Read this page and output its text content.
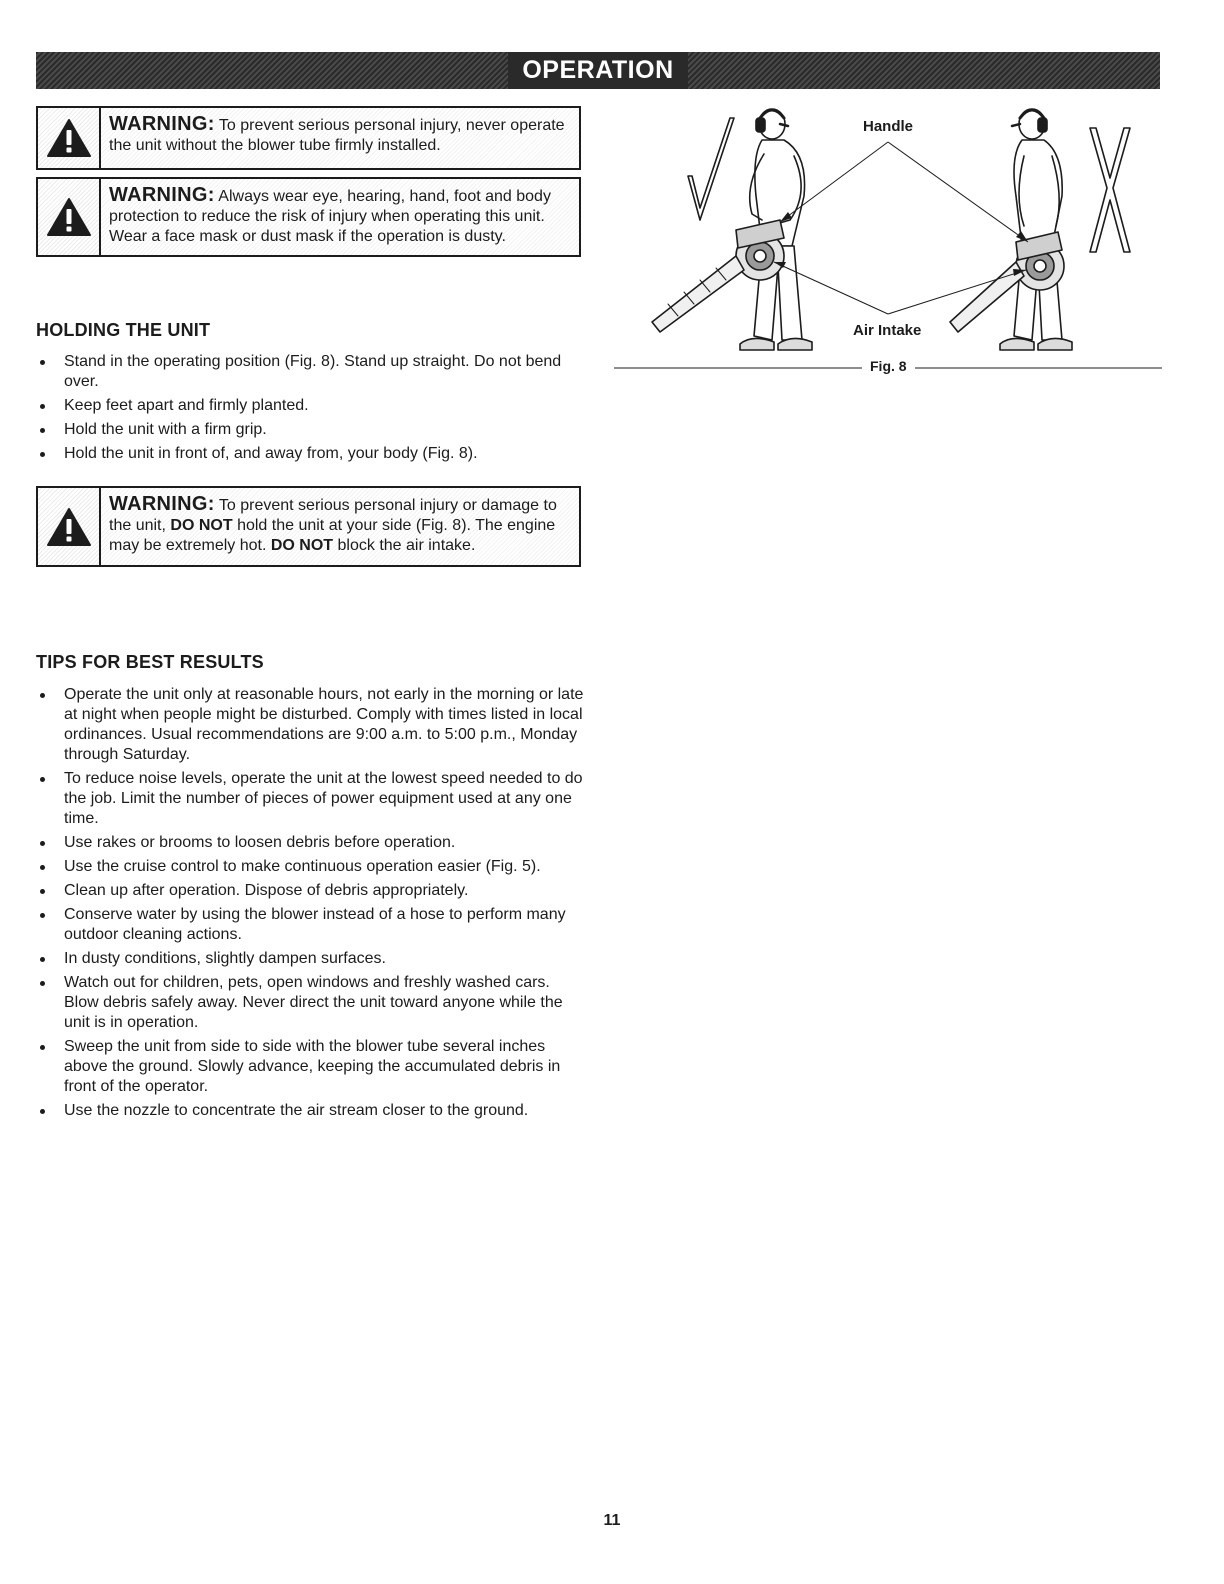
OPERATION
WARNING: To prevent serious personal injury, never operate the unit without the blower tube firmly installed.
WARNING: Always wear eye, hearing, hand, foot and body protection to reduce the risk of injury when operating this unit. Wear a face mask or dust mask if the operation is dusty.
HOLDING THE UNIT
Stand in the operating position (Fig. 8). Stand up straight. Do not bend over.
Keep feet apart and firmly planted.
Hold the unit with a firm grip.
Hold the unit in front of, and away from, your body (Fig. 8).
WARNING: To prevent serious personal injury or damage to the unit, DO NOT hold the unit at your side (Fig. 8). The engine may be extremely hot. DO NOT block the air intake.
TIPS FOR BEST RESULTS
Operate the unit only at reasonable hours, not early in the morning or late at night when people might be disturbed. Comply with times listed in local ordinances. Usual recommendations are 9:00 a.m. to 5:00 p.m., Monday through Saturday.
To reduce noise levels, operate the unit at the lowest speed needed to do the job. Limit the number of pieces of power equipment used at any one time.
Use rakes or brooms to loosen debris before operation.
Use the cruise control to make continuous operation easier (Fig. 5).
Clean up after operation. Dispose of debris appropriately.
Conserve water by using the blower instead of a hose to perform many outdoor cleaning actions.
In dusty conditions, slightly dampen surfaces.
Watch out for children, pets, open windows and freshly washed cars. Blow debris safely away. Never direct the unit toward anyone while the unit is in operation.
Sweep the unit from side to side with the blower tube several inches above the ground. Slowly advance, keeping the accumulated debris in front of the operator.
Use the nozzle to concentrate the air stream closer to the ground.
Handle
Air Intake
Fig. 8
11
